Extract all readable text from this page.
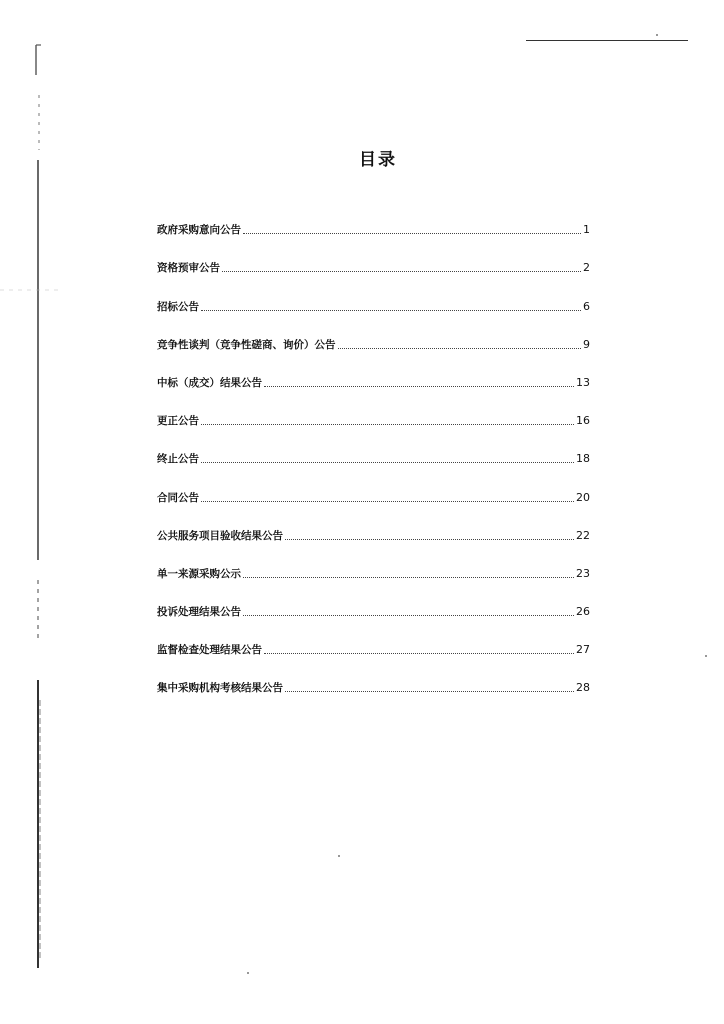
目录
政府采购意向公告	1
资格预审公告	2
招标公告	6
竞争性谈判（竞争性磋商、询价）公告	9
中标（成交）结果公告	13
更正公告	16
终止公告	18
合同公告	20
公共服务项目验收结果公告	22
单一来源采购公示	23
投诉处理结果公告	26
监督检查处理结果公告	27
集中采购机构考核结果公告	28
